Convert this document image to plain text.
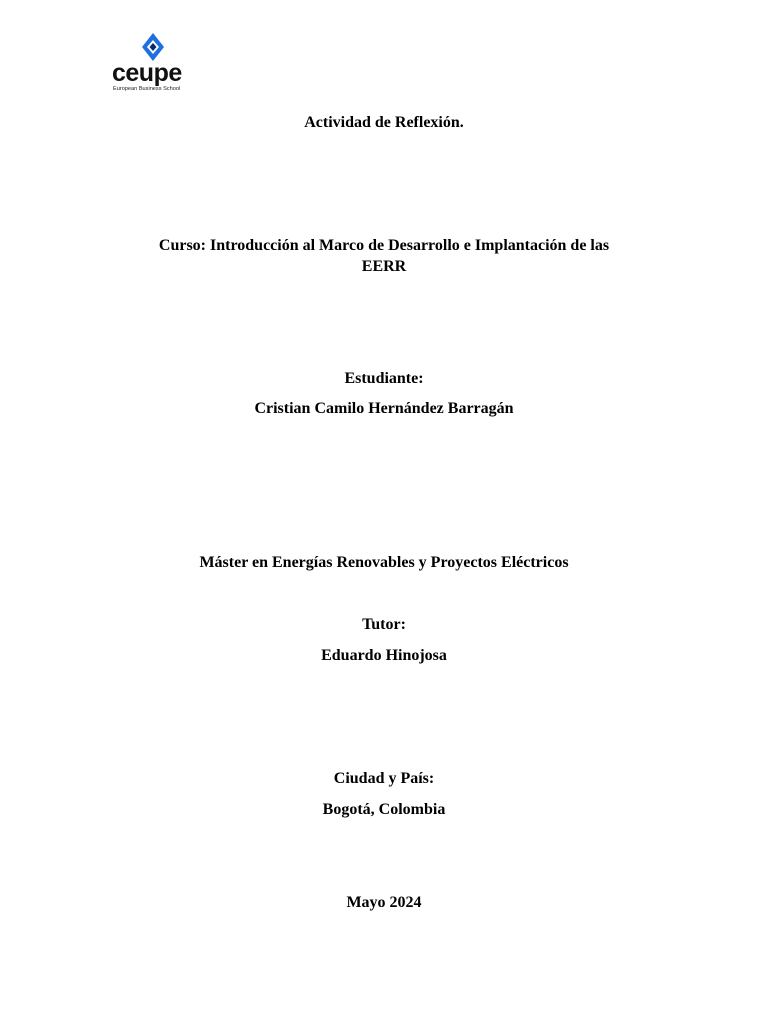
ceupe
European Business School
Actividad de Reflexión.
Curso: Introducción al Marco de Desarrollo e Implantación de las
EERR
Estudiante:
Cristian Camilo Hernández Barragán
Máster en Energías Renovables y Proyectos Eléctricos
Tutor:
Eduardo Hinojosa
Ciudad y País:
Bogotá, Colombia
Mayo 2024
